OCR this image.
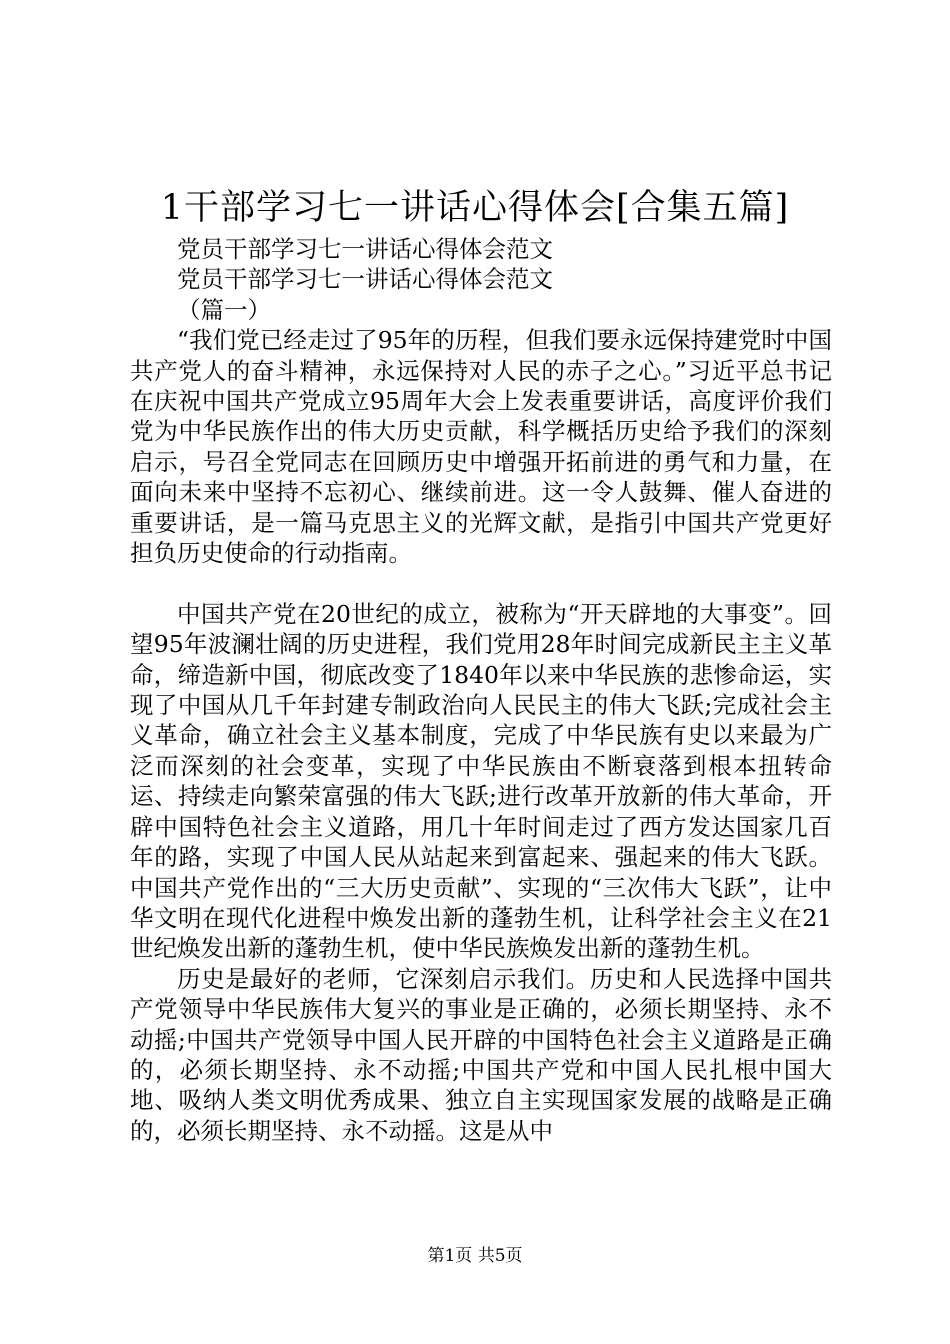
1干部学习七一讲话心得体会[合集五篇]

党员干部学习七一讲话心得体会范文

党员干部学习七一讲话心得体会范文

（篇一）

“我们党已经走过了95年的历程，但我们要永远保持建党时中国共产党人的奋斗精神，永远保持对人民的赤子之心。”习近平总书记在庆祝中国共产党成立95周年大会上发表重要讲话，高度评价我们党为中华民族作出的伟大历史贡献，科学概括历史给予我们的深刻启示，号召全党同志在回顾历史中增强开拓前进的勇气和力量，在面向未来中坚持不忘初心、继续前进。这一令人鼓舞、催人奋进的重要讲话，是一篇马克思主义的光辉文献，是指引中国共产党更好担负历史使命的行动指南。

中国共产党在20世纪的成立，被称为“开天辟地的大事变”。回望95年波澜壮阔的历史进程，我们党用28年时间完成新民主主义革命，缔造新中国，彻底改变了1840年以来中华民族的悲惨命运，实现了中国从几千年封建专制政治向人民民主的伟大飞跃;完成社会主义革命，确立社会主义基本制度，完成了中华民族有史以来最为广泛而深刻的社会变革，实现了中华民族由不断衰落到根本扭转命运、持续走向繁荣富强的伟大飞跃;进行改革开放新的伟大革命，开辟中国特色社会主义道路，用几十年时间走过了西方发达国家几百年的路，实现了中国人民从站起来到富起来、强起来的伟大飞跃。中国共产党作出的“三大历史贡献”、实现的“三次伟大飞跃”，让中华文明在现代化进程中焕发出新的蓬勃生机，让科学社会主义在21世纪焕发出新的蓬勃生机，使中华民族焕发出新的蓬勃生机。

历史是最好的老师，它深刻启示我们。历史和人民选择中国共产党领导中华民族伟大复兴的事业是正确的，必须长期坚持、永不动摇;中国共产党领导中国人民开辟的中国特色社会主义道路是正确的，必须长期坚持、永不动摇;中国共产党和中国人民扎根中国大地、吸纳人类文明优秀成果、独立自主实现国家发展的战略是正确的，必须长期坚持、永不动摇。这是从中

第1页 共5页
